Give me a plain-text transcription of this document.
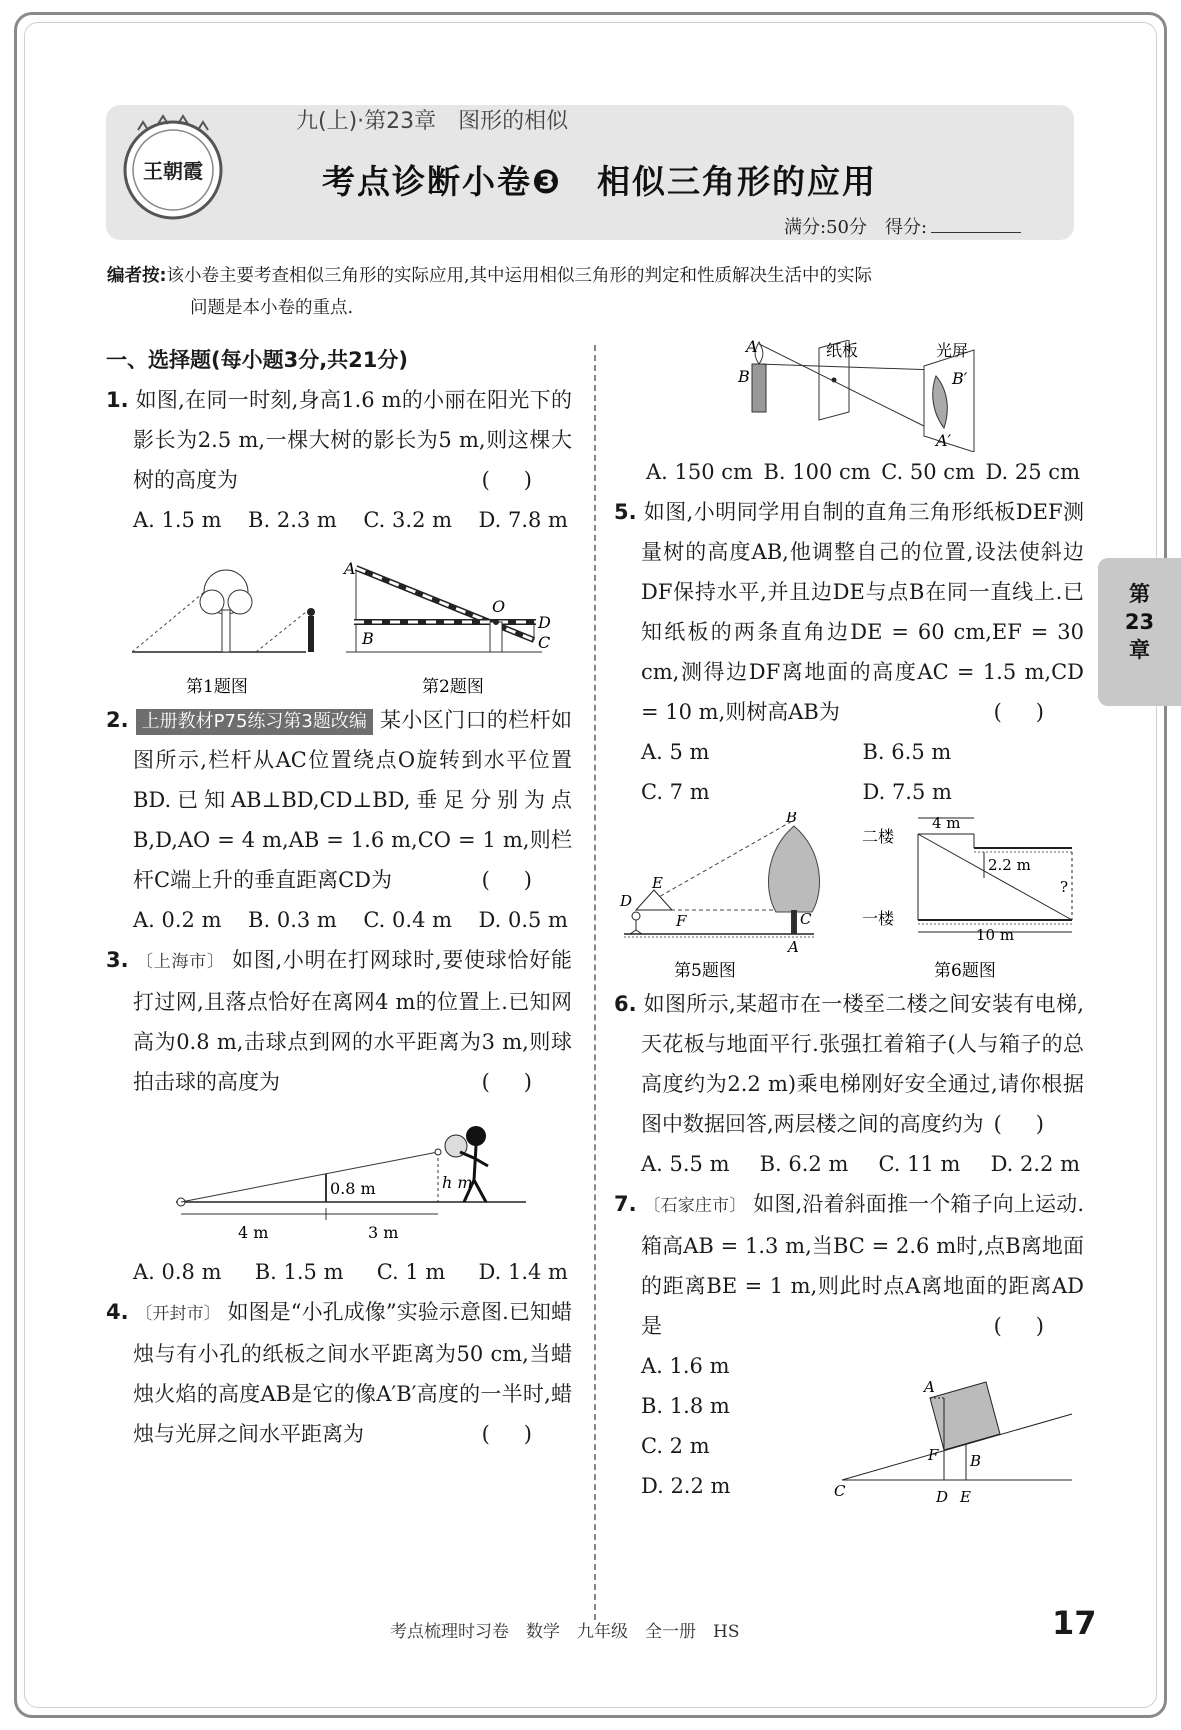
王朝霞
九(上)·第23章　图形的相似
考点诊断小卷❸　相似三角形的应用
满分:50分　得分:
编者按:该小卷主要考查相似三角形的实际应用,其中运用相似三角形的判定和性质解决生活中的实际
问题是本小卷的重点.
一、选择题(每小题3分,共21分)
1. 如图,在同一时刻,身高1.6 m的小丽在阳光下的影长为2.5 m,一棵大树的影长为5 m,则这棵大树的高度为	()
A. 1.5 m B. 2.3 m C. 3.2 m D. 7.8 m
第1题图
A
O
D
B	C
第2题图
2. 上册教材P75练习第3题改编 某小区门口的栏杆如图所示,栏杆从AC位置绕点O旋转到水平位置BD.已知AB⊥BD,CD⊥BD,垂足分别为点B,D,AO = 4 m,AB = 1.6 m,CO = 1 m,则栏杆C端上升的垂直距离CD为	()
A. 0.2 m B. 0.3 m C. 0.4 m D. 0.5 m
3. 〔上海市〕 如图,小明在打网球时,要使球恰好能打过网,且落点恰好在离网4 m的位置上.已知网高为0.8 m,击球点到网的水平距离为3 m,则球拍击球的高度为	()
0.8 m	h m
4 m	3 m
A. 0.8 m B. 1.5 m C. 1 m D. 1.4 m
4. 〔开封市〕 如图是“小孔成像”实验示意图.已知蜡烛与有小孔的纸板之间水平距离为50 cm,当蜡烛火焰的高度AB是它的像A′B′高度的一半时,蜡烛与光屏之间水平距离为	()
A
B
纸板	光屏
B′
A′
A. 150 cm B. 100 cm C. 50 cm D. 25 cm
5. 如图,小明同学用自制的直角三角形纸板DEF测量树的高度AB,他调整自己的位置,设法使斜边DF保持水平,并且边DE与点B在同一直线上.已知纸板的两条直角边DE = 60 cm,EF = 30 cm,测得边DF离地面的高度AC = 1.5 m,CD = 10 m,则树高AB为	()
A. 5 m	B. 6.5 m
C. 7 m	D. 7.5 m
B
E
D
F	C
A
第5题图
4 m
二楼
2.2 m
?
一楼
10 m
第6题图
6. 如图所示,某超市在一楼至二楼之间安装有电梯,天花板与地面平行.张强扛着箱子(人与箱子的总高度约为2.2 m)乘电梯刚好安全通过,请你根据图中数据回答,两层楼之间的高度约为 ()
A. 5.5 m B. 6.2 m C. 11 m D. 2.2 m
7. 〔石家庄市〕 如图,沿着斜面推一个箱子向上运动.箱高AB = 1.3 m,当BC = 2.6 m时,点B离地面的距离BE = 1 m,则此时点A离地面的距离AD是	()
A. 1.6 m
B. 1.8 m
C. 2 m
D. 2.2 m
A
F B
C	D E
第
23
章
考点梳理时习卷　数学　九年级　全一册　HS	17
